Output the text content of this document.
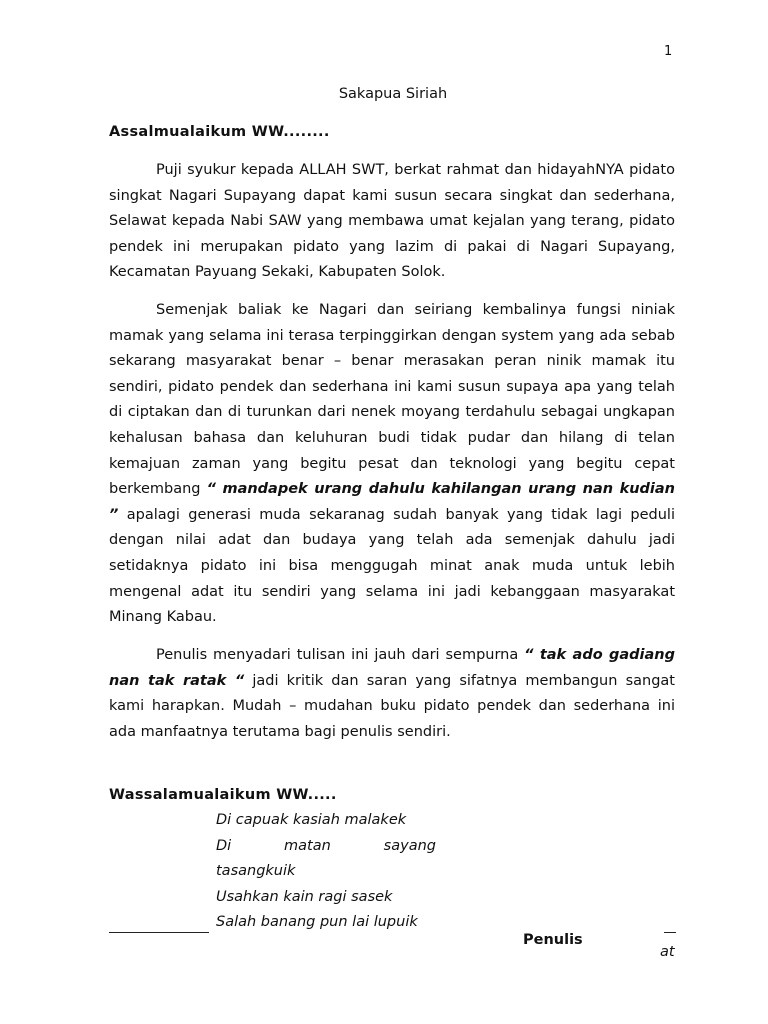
1
Sakapua Siriah
Assalmualaikum WW........

Puji syukur kepada ALLAH SWT, berkat rahmat dan hidayahNYA pidato singkat Nagari Supayang dapat kami susun secara singkat dan sederhana, Selawat kepada Nabi SAW yang membawa umat kejalan yang terang, pidato pendek ini merupakan pidato yang lazim di pakai di Nagari Supayang, Kecamatan Payuang Sekaki, Kabupaten Solok.

Semenjak baliak ke Nagari dan seiriang kembalinya fungsi niniak mamak yang selama ini terasa terpinggirkan dengan system yang ada sebab sekarang masyarakat benar – benar merasakan peran ninik mamak itu sendiri, pidato pendek dan sederhana ini kami susun supaya apa yang telah di ciptakan dan di turunkan dari nenek moyang terdahulu sebagai ungkapan kehalusan bahasa dan keluhuran budi tidak pudar dan hilang di telan kemajuan zaman yang begitu pesat dan teknologi yang begitu cepat berkembang “ mandapek urang dahulu kahilangan urang nan kudian ” apalagi generasi muda sekaranag sudah banyak yang tidak lagi peduli dengan nilai adat dan budaya yang telah ada semenjak dahulu jadi setidaknya pidato ini bisa menggugah minat anak muda untuk lebih mengenal adat itu sendiri yang selama ini jadi kebanggaan masyarakat Minang Kabau.

Penulis menyadari tulisan ini jauh dari sempurna “ tak ado gadiang nan tak ratak “ jadi kritik dan saran yang sifatnya membangun sangat kami harapkan. Mudah – mudahan buku pidato pendek dan sederhana ini ada manfaatnya terutama bagi penulis sendiri.

Wassalamualaikum WW.....
Di capuak kasiah malakek
Di	matan	sayang
tasangkuik
Usahkan kain ragi sasek
Salah banang pun lai lupuik
Penulis
at
